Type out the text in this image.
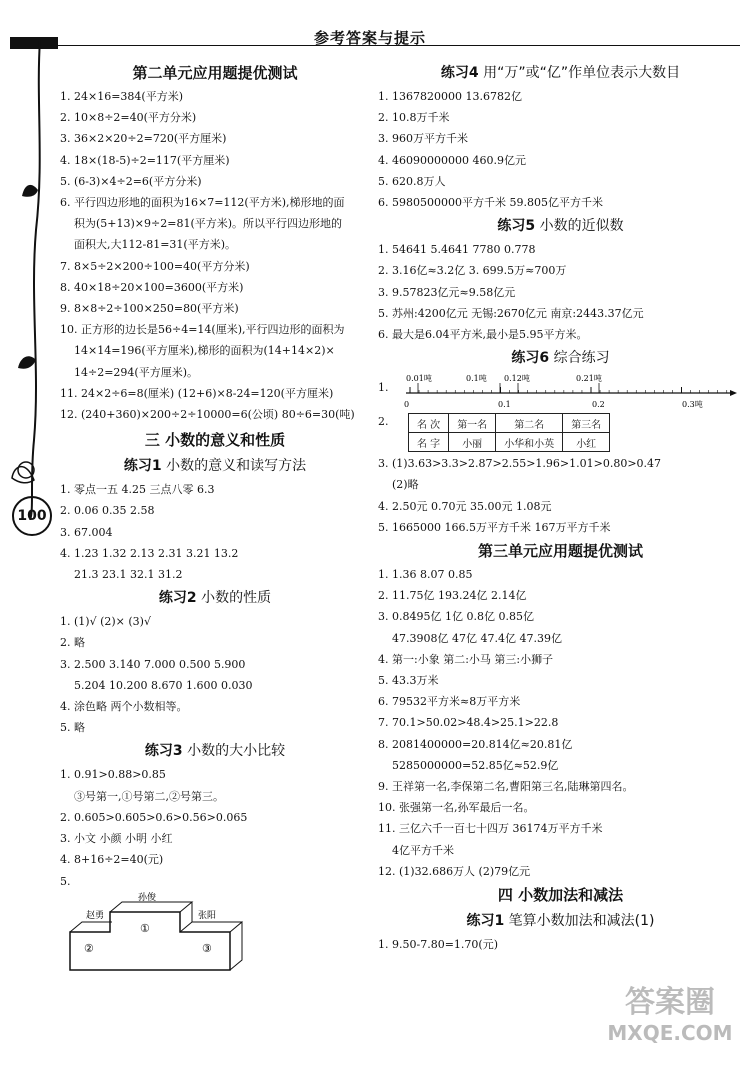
参考答案与提示
100
第二单元应用题提优测试
1. 24×16=384(平方米)
2. 10×8÷2=40(平方分米)
3. 36×2×20÷2=720(平方厘米)
4. 18×(18-5)÷2=117(平方厘米)
5. (6-3)×4÷2=6(平方分米)
6. 平行四边形地的面积为16×7=112(平方米),梯形地的面
积为(5+13)×9÷2=81(平方米)。所以平行四边形地的
面积大,大112-81=31(平方米)。
7. 8×5÷2×200÷100=40(平方分米)
8. 40×18÷20×100=3600(平方米)
9. 8×8÷2÷100×250=80(平方米)
10. 正方形的边长是56÷4=14(厘米),平行四边形的面积为
14×14=196(平方厘米),梯形的面积为(14+14×2)×
14÷2=294(平方厘米)。
11. 24×2÷6=8(厘米) (12+6)×8-24=120(平方厘米)
12. (240+360)×200÷2÷10000=6(公顷) 80÷6=30(吨)
三 小数的意义和性质
练习1 小数的意义和读写方法
1. 零点一五 4.25 三点八零 6.3
2. 0.06 0.35 2.58
3. 67.004
4. 1.23 1.32 2.13 2.31 3.21 13.2
21.3 23.1 32.1 31.2
练习2 小数的性质
1. (1)√ (2)× (3)√
2. 略
3. 2.500 3.140 7.000 0.500 5.900
5.204 10.200 8.670 1.600 0.030
4. 涂色略 两个小数相等。
5. 略
练习3 小数的大小比较
1. 0.91>0.88>0.85
③号第一,①号第二,②号第三。
2. 0.605>0.605>0.6>0.56>0.065
3. 小文 小颜 小明 小红
4. 8+16÷2=40(元)
5.
赵勇
孙俊
张阳
②
①
③
练习4 用“万”或“亿”作单位表示大数目
1. 1367820000 13.6782亿
2. 10.8万千米
3. 960万平方千米
4. 46090000000 460.9亿元
5. 620.8万人
6. 5980500000平方千米 59.805亿平方千米
练习5 小数的近似数
1. 54641 5.4641 7780 0.778
2. 3.16亿≈3.2亿 3. 699.5万≈700万
3. 9.57823亿元≈9.58亿元
5. 苏州:4200亿元 无锡:2670亿元 南京:2443.37亿元
6. 最大是6.04平方米,最小是5.95平方米。
练习6 综合练习
1.
0.01吨	0.1吨 0.12吨	0.21吨
0	0.1	0.2	0.3吨
2.	名 次	第一名	第二名	第三名
名 字	小丽	小华和小英	小红
3. (1)3.63>3.3>2.87>2.55>1.96>1.01>0.80>0.47
(2)略
4. 2.50元 0.70元 35.00元 1.08元
5. 1665000 166.5万平方千米 167万平方千米
第三单元应用题提优测试
1. 1.36 8.07 0.85
2. 11.75亿 193.24亿 2.14亿
3. 0.8495亿 1亿 0.8亿 0.85亿
47.3908亿 47亿 47.4亿 47.39亿
4. 第一:小象 第二:小马 第三:小狮子
5. 43.3万米
6. 79532平方米≈8万平方米
7. 70.1>50.02>48.4>25.1>22.8
8. 2081400000=20.814亿≈20.81亿
5285000000=52.85亿≈52.9亿
9. 王祥第一名,李保第二名,曹阳第三名,陆琳第四名。
10. 张强第一名,孙军最后一名。
11. 三亿六千一百七十四万 36174万平方千米
4亿平方千米
12. (1)32.686万人 (2)79亿元
四 小数加法和减法
练习1 笔算小数加法和减法(1)
1. 9.50-7.80=1.70(元)
答案圈
MXQE.COM
